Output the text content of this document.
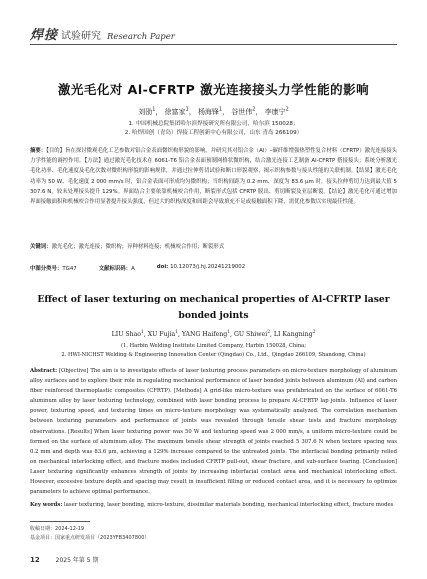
焊接 试验研究 Research Paper
激光毛化对 Al-CFRTP 激光连接接头力学性能的影响
刘劭$^1$， 徐富家$^1$， 杨海锋$^1$， 谷世伟$^2$， 李康宁$^2$
1. 中国机械总院集团哈尔滨焊接研究所有限公司，哈尔滨 150028；
2. 哈焊国创（青岛）焊接工程创新中心有限公司，山东 青岛 266109）
摘要：【目的】旨在探讨微观毛化工艺参数对铝合金表面微织构形貌的影响，并研究其对铝合金（Al）–碳纤维增强热塑性复合材料（CFRTP）激光连接接头力学性能的调控作用。【方法】通过激光毛化技术在 6061-T6 铝合金表面预制网格状微织构，结合激光连接工艺制备 Al-CFRTP 搭接接头；系统分析激光毛化功率、毛化速度及毛化次数对微织构形貌的影响规律，并通过拉伸剪切试验和断口形貌观察，揭示织构参数与接头性能的关联机制。【结果】激光毛化功率为 50 W、毛化速度 2 000 mm/s 时，铝合金表面可形成均匀微织构；当织构间距为 0.2 mm、深度为 83.6 μm 时，接头拉伸剪切力达到最大值 5 307.6 N，较未处理接头提升 129%。界面结合主要依靠机械咬合作用，断裂形式包括 CFRTP 脱出、剪切断裂及亚层断裂。【结论】激光毛化可通过增加界面接触面积和机械咬合作用显著提升接头强度，但过大的织构深度和间距会导致填充不足或接触面积下降，需优化参数以实现最佳性能。
关键词：激光毛化；激光连接；微织构；异种材料连接；机械咬合作用；断裂形式
中图分类号：TG47	文献标识码：A	doi: 10.12073/j.hj.20241219002
Effect of laser texturing on mechanical properties of Al-CFRTP laser bonded joints
LIU Shao$^1$, XU Fujia$^1$, YANG Haifeng$^1$, GU Shiwei$^2$, LI Kangning$^2$
(1. Harbin Welding Institute Limited Company, Harbin 150028, China;
2. HWI-NICHST Welding & Engineering Innovation Center (Qingdao) Co., Ltd., Qingdao 266109, Shandong, China)
Abstract: [Objective] The aim is to investigate effects of laser texturing process parameters on micro-texture morphology of aluminum alloy surfaces and to explore their role in regulating mechanical performance of laser bonded joints between aluminum (Al) and carbon fiber reinforced thermoplastic composites (CFRTP). [Methods] A grid-like micro-texture was prefabricated on the surface of 6061-T6 aluminum alloy by laser texturing technology, combined with laser bonding process to prepare Al-CFRTP lap joints. Influence of laser power, texturing speed, and texturing times on micro-texture morphology was systematically analyzed. The correlation mechanism between texturing parameters and performance of joints was revealed through tensile shear tests and fracture morphology observations. [Results] When laser texturing power was 50 W and texturing speed was 2 000 mm/s, a uniform micro-texture could be formed on the surface of aluminum alloy. The maximum tensile shear strength of joints reached 5 307.6 N when texture spacing was 0.2 mm and depth was 83.6 μm, achieving a 129% increase compared to the untreated joints. The interfacial bonding primarily relied on mechanical interlocking effect, and fracture modes included CFRTP pull-out, shear fracture, and sub-surface tearing. [Conclusion] Laser texturing significantly enhances strength of joints by increasing interfacial contact area and mechanical interlocking effect. However, excessive texture depth and spacing may result in insufficient filling or reduced contact area, and it is necessary to optimize parameters to achieve optimal performance.
Key words: laser texturing, laser bonding, micro-texture, dissimilar materials bonding, mechanical interlocking effect, fracture modes
收稿日期：2024-12-19
基金项目：国家重点研发项目（2023YFB3407800）
12	2025 年第 5 期
